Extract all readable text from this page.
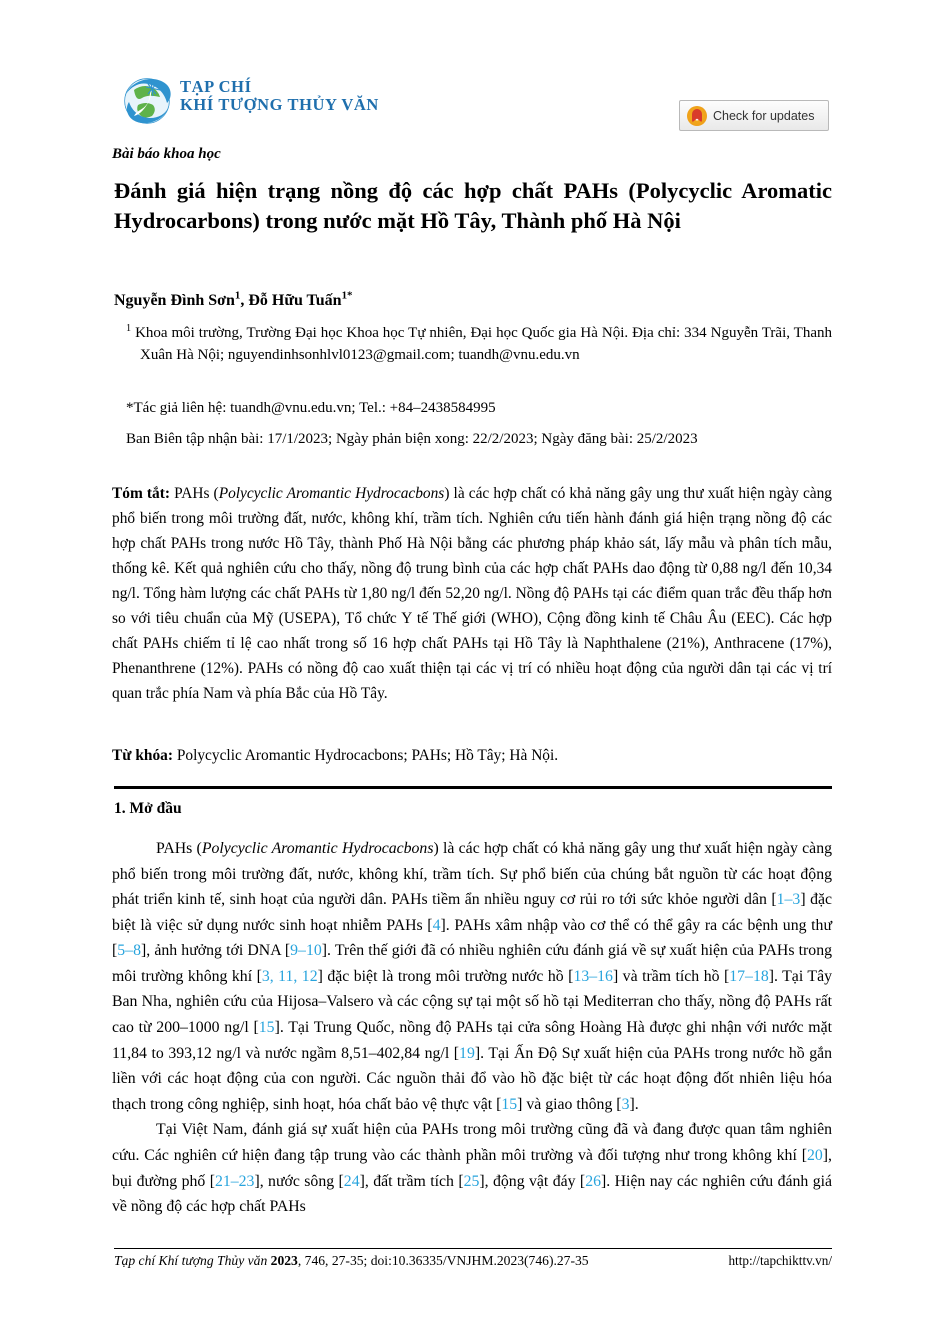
TẠP CHÍ
KHÍ TƯỢNG THỦY VĂN
Check for updates
Bài báo khoa học
Đánh giá hiện trạng nồng độ các hợp chất PAHs (Polycyclic Aromatic Hydrocarbons) trong nước mặt Hồ Tây, Thành phố Hà Nội
Nguyễn Đình Sơn$^1$, Đỗ Hữu Tuấn$^{1*}$
$^1$ Khoa môi trường, Trường Đại học Khoa học Tự nhiên, Đại học Quốc gia Hà Nội. Địa chỉ: 334 Nguyễn Trãi, Thanh Xuân Hà Nội; nguyendinhsonhlvl0123@gmail.com; tuandh@vnu.edu.vn
*Tác giả liên hệ: tuandh@vnu.edu.vn; Tel.: +84–2438584995
Ban Biên tập nhận bài: 17/1/2023; Ngày phản biện xong: 22/2/2023; Ngày đăng bài: 25/2/2023
Tóm tắt: PAHs (Polycyclic Aromantic Hydrocacbons) là các hợp chất có khả năng gây ung thư xuất hiện ngày càng phổ biến trong môi trường đất, nước, không khí, trầm tích. Nghiên cứu tiến hành đánh giá hiện trạng nồng độ các hợp chất PAHs trong nước Hồ Tây, thành Phố Hà Nội bằng các phương pháp khảo sát, lấy mẫu và phân tích mẫu, thống kê. Kết quả nghiên cứu cho thấy, nồng độ trung bình của các hợp chất PAHs dao động từ 0,88 ng/l đến 10,34 ng/l. Tổng hàm lượng các chất PAHs từ 1,80 ng/l đến 52,20 ng/l. Nồng độ PAHs tại các điểm quan trắc đều thấp hơn so với tiêu chuẩn của Mỹ (USEPA), Tổ chức Y tế Thế giới (WHO), Cộng đồng kinh tế Châu Âu (EEC). Các hợp chất PAHs chiếm tỉ lệ cao nhất trong số 16 hợp chất PAHs tại Hồ Tây là Naphthalene (21%), Anthracene (17%), Phenanthrene (12%). PAHs có nồng độ cao xuất thiện tại các vị trí có nhiều hoạt động của người dân tại các vị trí quan trắc phía Nam và phía Bắc của Hồ Tây.
Từ khóa: Polycyclic Aromantic Hydrocacbons; PAHs; Hồ Tây; Hà Nội.
1. Mở đầu

PAHs (Polycyclic Aromantic Hydrocacbons) là các hợp chất có khả năng gây ung thư xuất hiện ngày càng phổ biến trong môi trường đất, nước, không khí, trầm tích. Sự phổ biến của chúng bắt nguồn từ các hoạt động phát triển kinh tế, sinh hoạt của người dân. PAHs tiềm ẩn nhiều nguy cơ rủi ro tới sức khỏe người dân [1–3] đặc biệt là việc sử dụng nước sinh hoạt nhiễm PAHs [4]. PAHs xâm nhập vào cơ thể có thể gây ra các bệnh ung thư [5–8], ảnh hưởng tới DNA [9–10]. Trên thế giới đã có nhiều nghiên cứu đánh giá về sự xuất hiện của PAHs trong môi trường không khí [3, 11, 12] đặc biệt là trong môi trường nước hồ [13–16] và trầm tích hồ [17–18]. Tại Tây Ban Nha, nghiên cứu của Hijosa–Valsero và các cộng sự tại một số hồ tại Mediterran cho thấy, nồng độ PAHs rất cao từ 200–1000 ng/l [15]. Tại Trung Quốc, nồng độ PAHs tại cửa sông Hoàng Hà được ghi nhận với nước mặt 11,84 to 393,12 ng/l và nước ngầm 8,51–402,84 ng/l [19]. Tại Ấn Độ Sự xuất hiện của PAHs trong nước hồ gắn liền với các hoạt động của con người. Các nguồn thải đổ vào hồ đặc biệt từ các hoạt động đốt nhiên liệu hóa thạch trong công nghiệp, sinh hoạt, hóa chất bảo vệ thực vật [15] và giao thông [3].

Tại Việt Nam, đánh giá sự xuất hiện của PAHs trong môi trường cũng đã và đang được quan tâm nghiên cứu. Các nghiên cứ hiện đang tập trung vào các thành phần môi trường và đối tượng như trong không khí [20], bụi đường phố [21–23], nước sông [24], đất trầm tích [25], động vật đáy [26]. Hiện nay các nghiên cứu đánh giá về nồng độ các hợp chất PAHs

Tạp chí Khí tượng Thủy văn 2023, 746, 27-35; doi:10.36335/VNJHM.2023(746).27-35	http://tapchikttv.vn/
